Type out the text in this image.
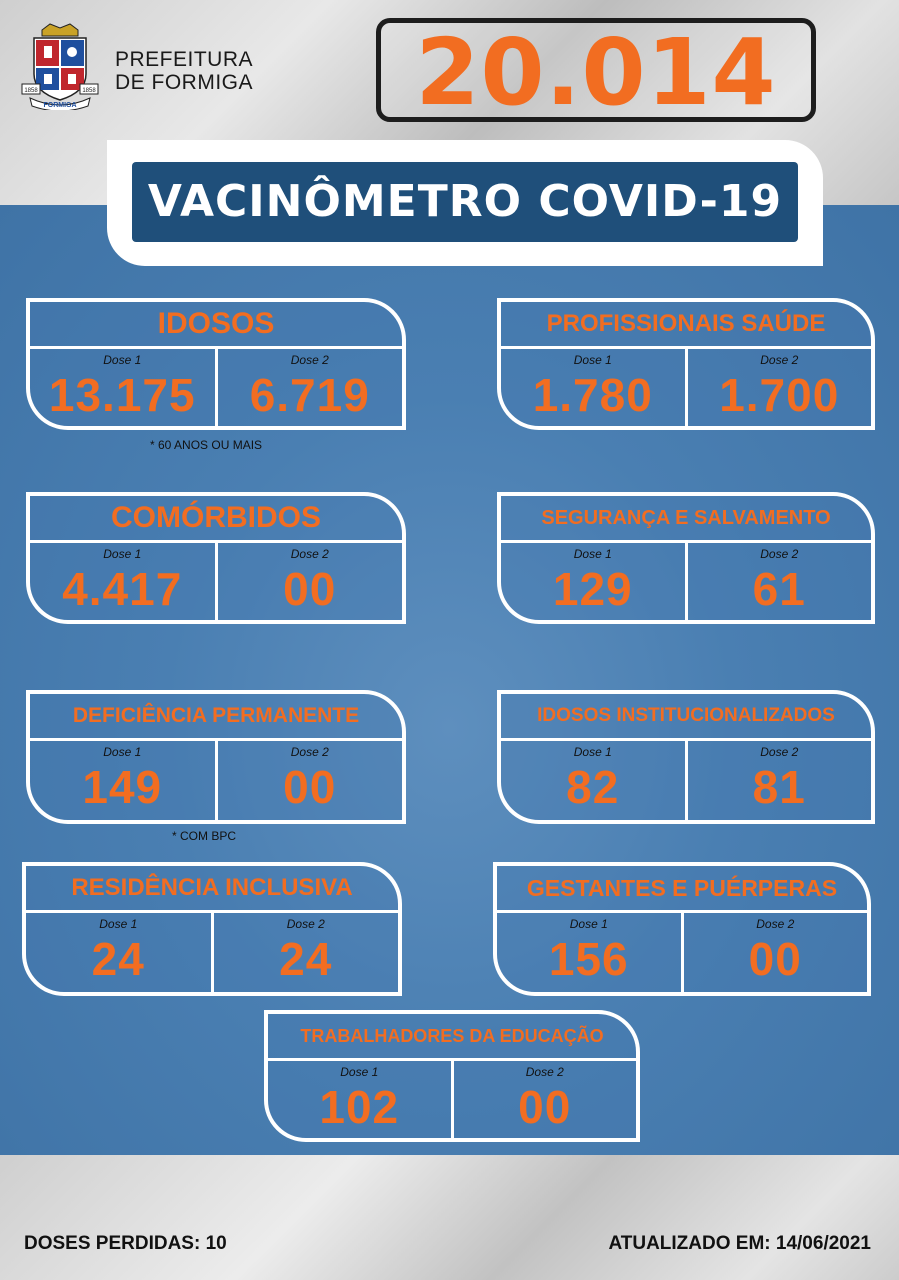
1858	1858
FORMIGA
PREFEITURA
DE FORMIGA	20.014
VACINÔMETRO COVID-19
IDOSOS
Dose 1
13.175
Dose 2
6.719
* 60 ANOS OU MAIS
PROFISSIONAIS SAÚDE
Dose 1
1.780
Dose 2
1.700
COMÓRBIDOS
Dose 1
4.417
Dose 2
00
SEGURANÇA E SALVAMENTO
Dose 1
129
Dose 2
61
DEFICIÊNCIA PERMANENTE
Dose 1
149
Dose 2
00
* COM BPC
IDOSOS INSTITUCIONALIZADOS
Dose 1
82
Dose 2
81
RESIDÊNCIA INCLUSIVA
Dose 1
24
Dose 2
24
GESTANTES E PUÉRPERAS
Dose 1
156
Dose 2
00
TRABALHADORES DA EDUCAÇÃO
Dose 1
102
Dose 2
00
DOSES PERDIDAS: 10	ATUALIZADO EM: 14/06/2021
